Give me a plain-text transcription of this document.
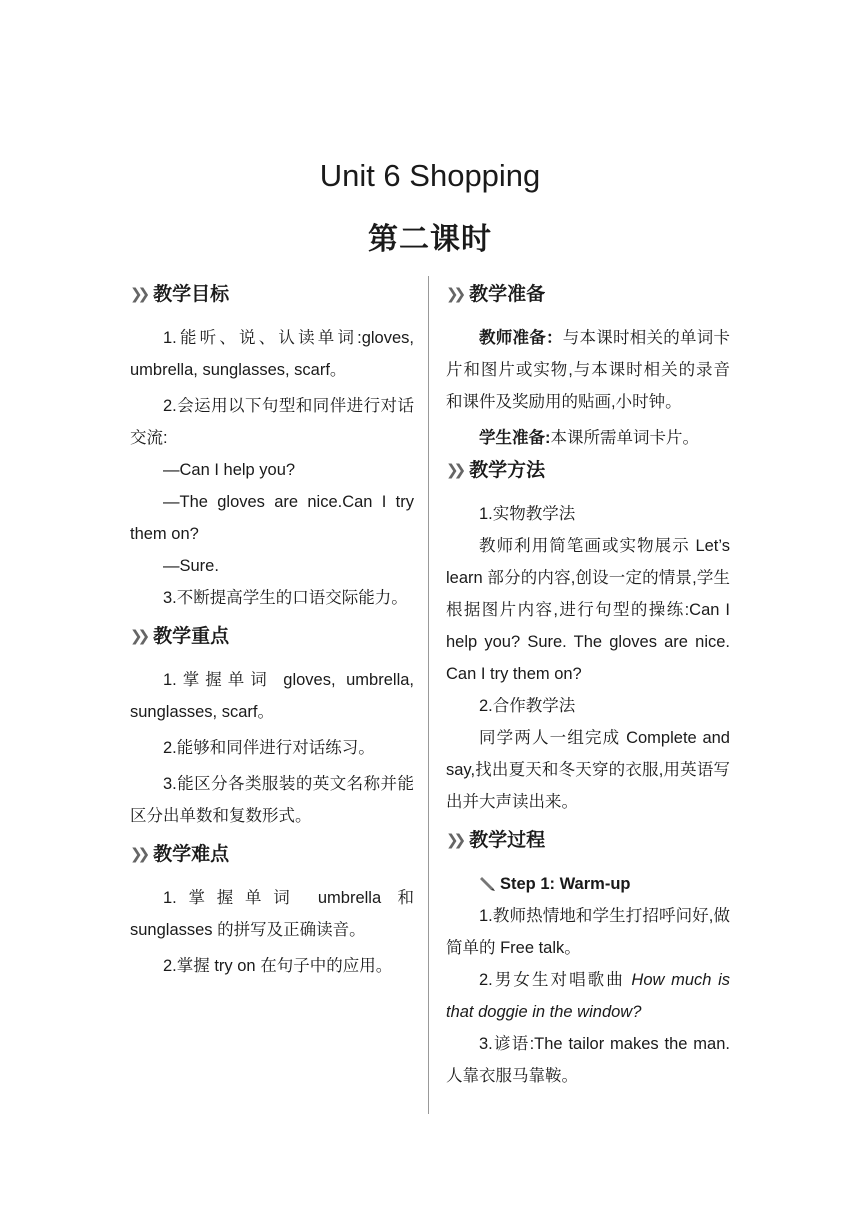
Unit 6 Shopping
第二课时
❯❯ 教学目标

1.能听、说、认读单词:gloves, umbrella, sunglasses, scarf。

2.会运用以下句型和同伴进行对话交流:

—Can I help you?

—The gloves are nice.Can I try them on?

—Sure.

3.不断提高学生的口语交际能力。

❯❯ 教学重点

1.掌握单词 gloves, umbrella, sunglasses, scarf。

2.能够和同伴进行对话练习。

3.能区分各类服装的英文名称并能区分出单数和复数形式。

❯❯ 教学难点

1.掌握单词 umbrella 和 sunglasses 的拼写及正确读音。

2.掌握 try on 在句子中的应用。

❯❯ 教学准备

教师准备：与本课时相关的单词卡片和图片或实物,与本课时相关的录音和课件及奖励用的贴画,小时钟。

学生准备:本课所需单词卡片。

❯❯ 教学方法

1.实物教学法

教师利用简笔画或实物展示 Let’s learn 部分的内容,创设一定的情景,学生根据图片内容,进行句型的操练:Can I help you? Sure. The gloves are nice. Can I try them on?

2.合作教学法

同学两人一组完成 Complete and say,找出夏天和冬天穿的衣服,用英语写出并大声读出来。

❯❯ 教学过程
Step 1: Warm-up

1.教师热情地和学生打招呼问好,做简单的 Free talk。

2.男女生对唱歌曲 How much is that doggie in the window?

3.谚语:The tailor makes the man.人靠衣服马靠鞍。
